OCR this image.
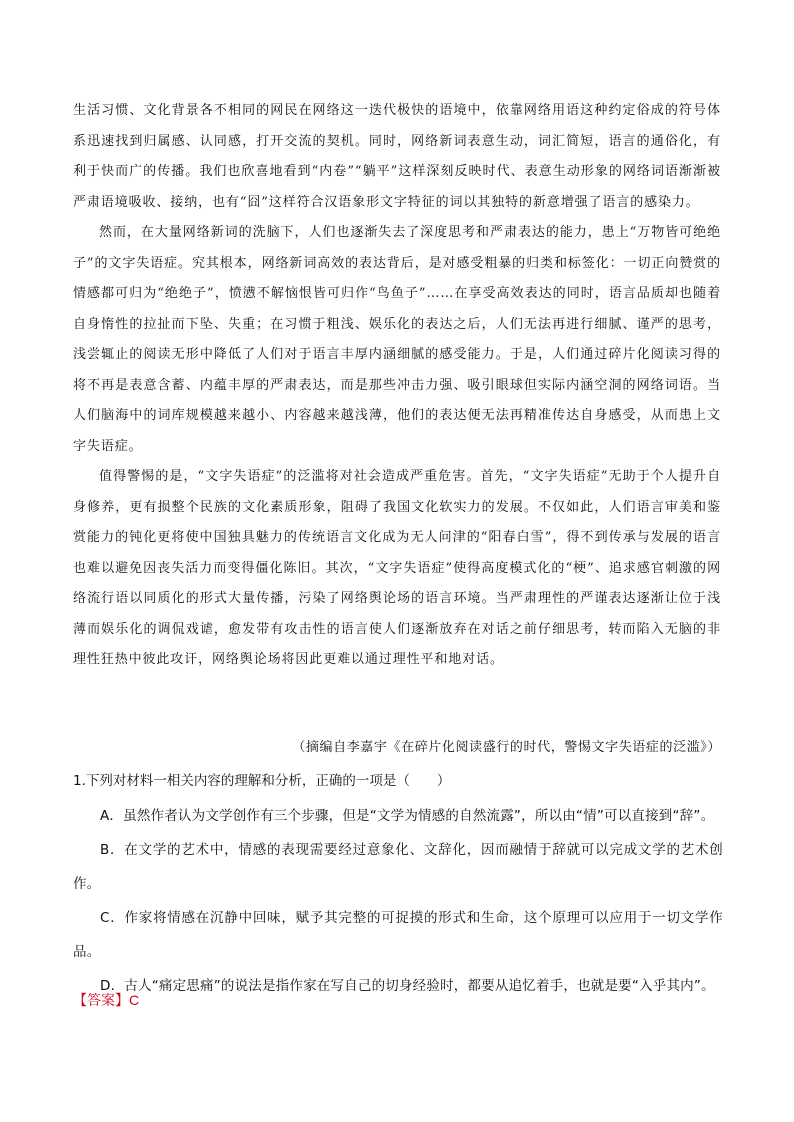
生活习惯、文化背景各不相同的网民在网络这一迭代极快的语境中，依靠网络用语这种约定俗成的符号体系迅速找到归属感、认同感，打开交流的契机。同时，网络新词表意生动，词汇简短，语言的通俗化，有利于快而广的传播。我们也欣喜地看到“内卷”“躺平”这样深刻反映时代、表意生动形象的网络词语渐渐被严肃语境吸收、接纳，也有“囧”这样符合汉语象形文字特征的词以其独特的新意增强了语言的感染力。

然而，在大量网络新词的洗脑下，人们也逐渐失去了深度思考和严肃表达的能力，患上“万物皆可绝绝子”的文字失语症。究其根本，网络新词高效的表达背后，是对感受粗暴的归类和标签化：一切正向赞赏的情感都可归为“绝绝子”，愤懑不解恼恨皆可归作“鸟鱼子”……在享受高效表达的同时，语言品质却也随着自身惰性的拉扯而下坠、失重；在习惯于粗浅、娱乐化的表达之后，人们无法再进行细腻、谨严的思考，浅尝辄止的阅读无形中降低了人们对于语言丰厚内涵细腻的感受能力。于是，人们通过碎片化阅读习得的将不再是表意含蓄、内蕴丰厚的严肃表达，而是那些冲击力强、吸引眼球但实际内涵空洞的网络词语。当人们脑海中的词库规模越来越小、内容越来越浅薄，他们的表达便无法再精准传达自身感受，从而患上文字失语症。

值得警惕的是，“文字失语症”的泛滥将对社会造成严重危害。首先，“文字失语症”无助于个人提升自身修养，更有损整个民族的文化素质形象，阻碍了我国文化软实力的发展。不仅如此，人们语言审美和鉴赏能力的钝化更将使中国独具魅力的传统语言文化成为无人问津的“阳春白雪”，得不到传承与发展的语言也难以避免因丧失活力而变得僵化陈旧。其次，“文字失语症”使得高度模式化的“梗”、追求感官刺激的网络流行语以同质化的形式大量传播，污染了网络舆论场的语言环境。当严肃理性的严谨表达逐渐让位于浅薄而娱乐化的调侃戏谑，愈发带有攻击性的语言使人们逐渐放弃在对话之前仔细思考，转而陷入无脑的非理性狂热中彼此攻讦，网络舆论场将因此更难以通过理性平和地对话。

（摘编自李嘉宇《在碎片化阅读盛行的时代，警惕文字失语症的泛滥》）

1.下列对材料一相关内容的理解和分析，正确的一项是（　　）

A．虽然作者认为文学创作有三个步骤，但是“文学为情感的自然流露”，所以由“情”可以直接到“辞”。

B．在文学的艺术中，情感的表现需要经过意象化、文辞化，因而融情于辞就可以完成文学的艺术创作。

C．作家将情感在沉静中回味，赋予其完整的可捉摸的形式和生命，这个原理可以应用于一切文学作品。

D．古人“痛定思痛”的说法是指作家在写自己的切身经验时，都要从追忆着手，也就是要“入乎其内”。

【答案】C
